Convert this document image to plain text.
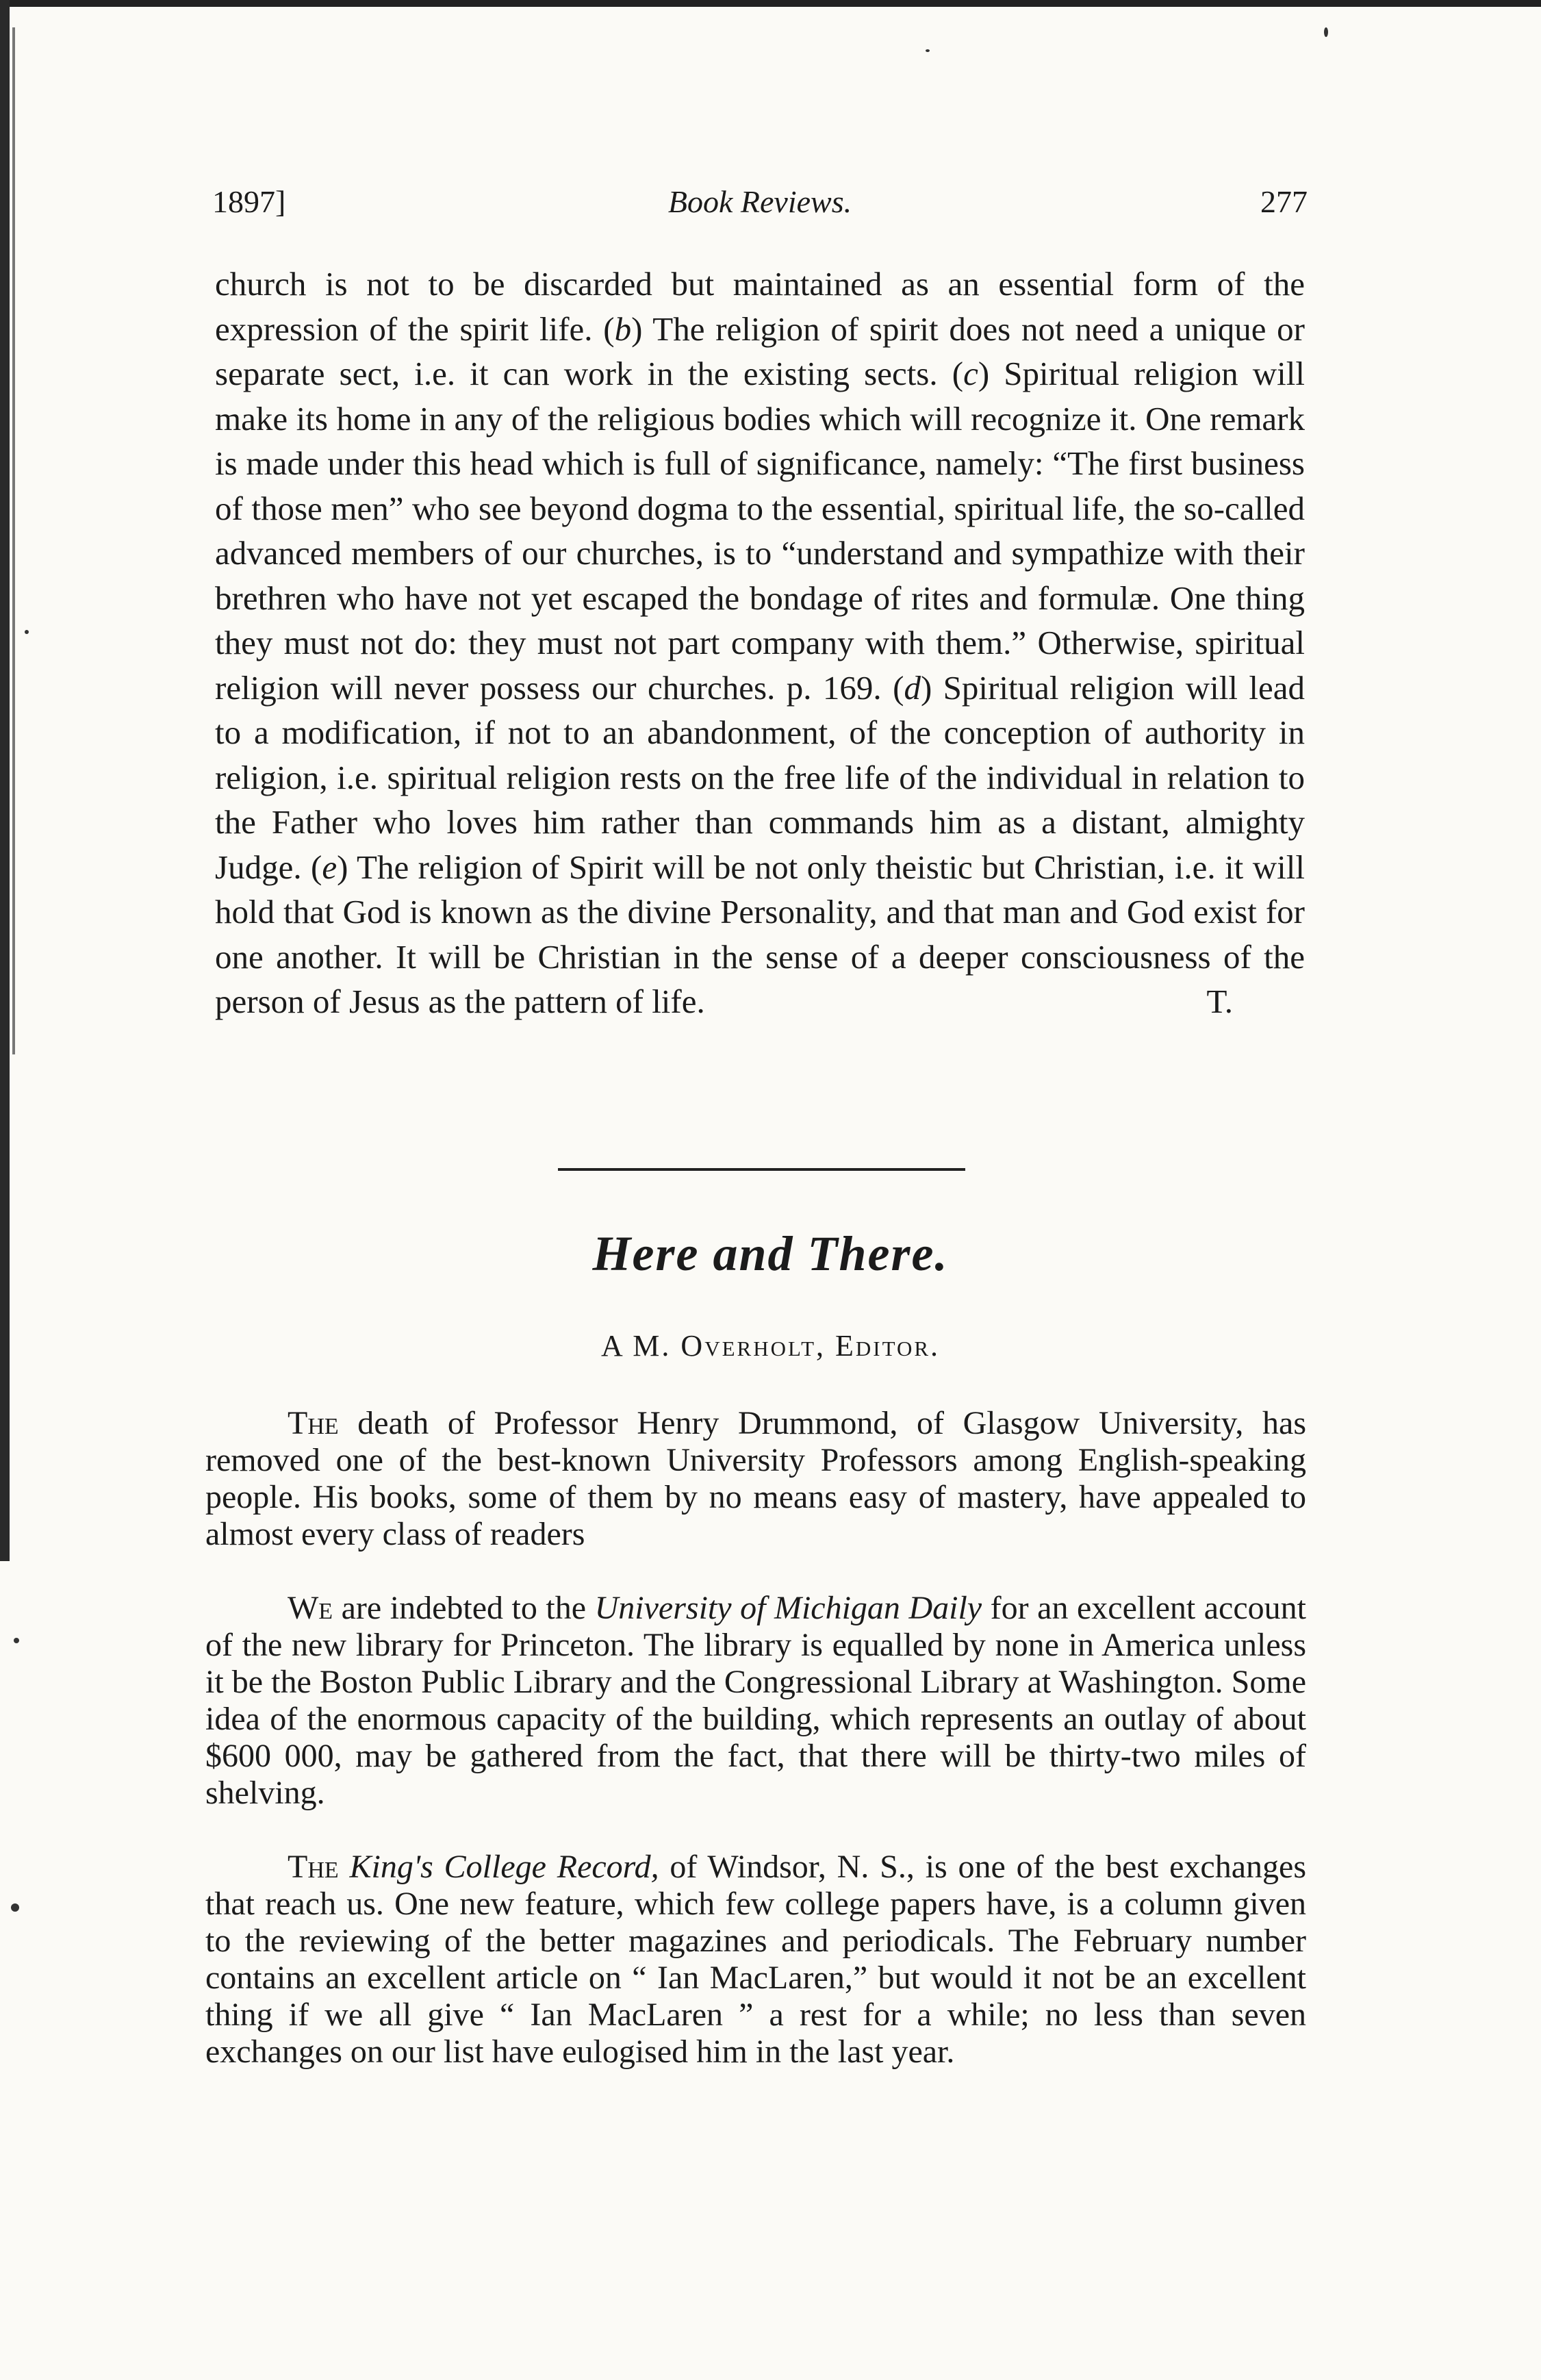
Book Reviews.
1897]	277

church is not to be discarded but maintained as an essential form of the expression of the spirit life. (b) The religion of spirit does not need a unique or separate sect, i.e. it can work in the existing sects. (c) Spiritual religion will make its home in any of the religious bodies which will recognize it. One remark is made under this head which is full of significance, namely: “The first business of those men” who see beyond dogma to the essential, spiritual life, the so-called advanced members of our churches, is to “understand and sympathize with their brethren who have not yet escaped the bondage of rites and formulæ. One thing they must not do: they must not part company with them.” Otherwise, spiritual religion will never possess our churches. p. 169. (d) Spiritual religion will lead to a modification, if not to an abandonment, of the conception of authority in religion, i.e. spiritual religion rests on the free life of the individual in relation to the Father who loves him rather than commands him as a distant, almighty Judge. (e) The religion of Spirit will be not only theistic but Christian, i.e. it will hold that God is known as the divine Personality, and that man and God exist for one another. It will be Christian in the sense of a deeper consciousness of the person of Jesus as the pattern of life.	T.

Here and There.
A M. Overholt, Editor.

The death of Professor Henry Drummond, of Glasgow University, has removed one of the best-known University Professors among English-speaking people. His books, some of them by no means easy of mastery, have appealed to almost every class of readers

We are indebted to the University of Michigan Daily for an excellent account of the new library for Princeton. The library is equalled by none in America unless it be the Boston Public Library and the Congressional Library at Washington. Some idea of the enormous capacity of the building, which represents an outlay of about $600 000, may be gathered from the fact, that there will be thirty-two miles of shelving.

The King's College Record, of Windsor, N. S., is one of the best exchanges that reach us. One new feature, which few college papers have, is a column given to the reviewing of the better magazines and periodicals. The February number contains an excellent article on “ Ian MacLaren,” but would it not be an excellent thing if we all give “ Ian MacLaren ” a rest for a while; no less than seven exchanges on our list have eulogised him in the last year.
